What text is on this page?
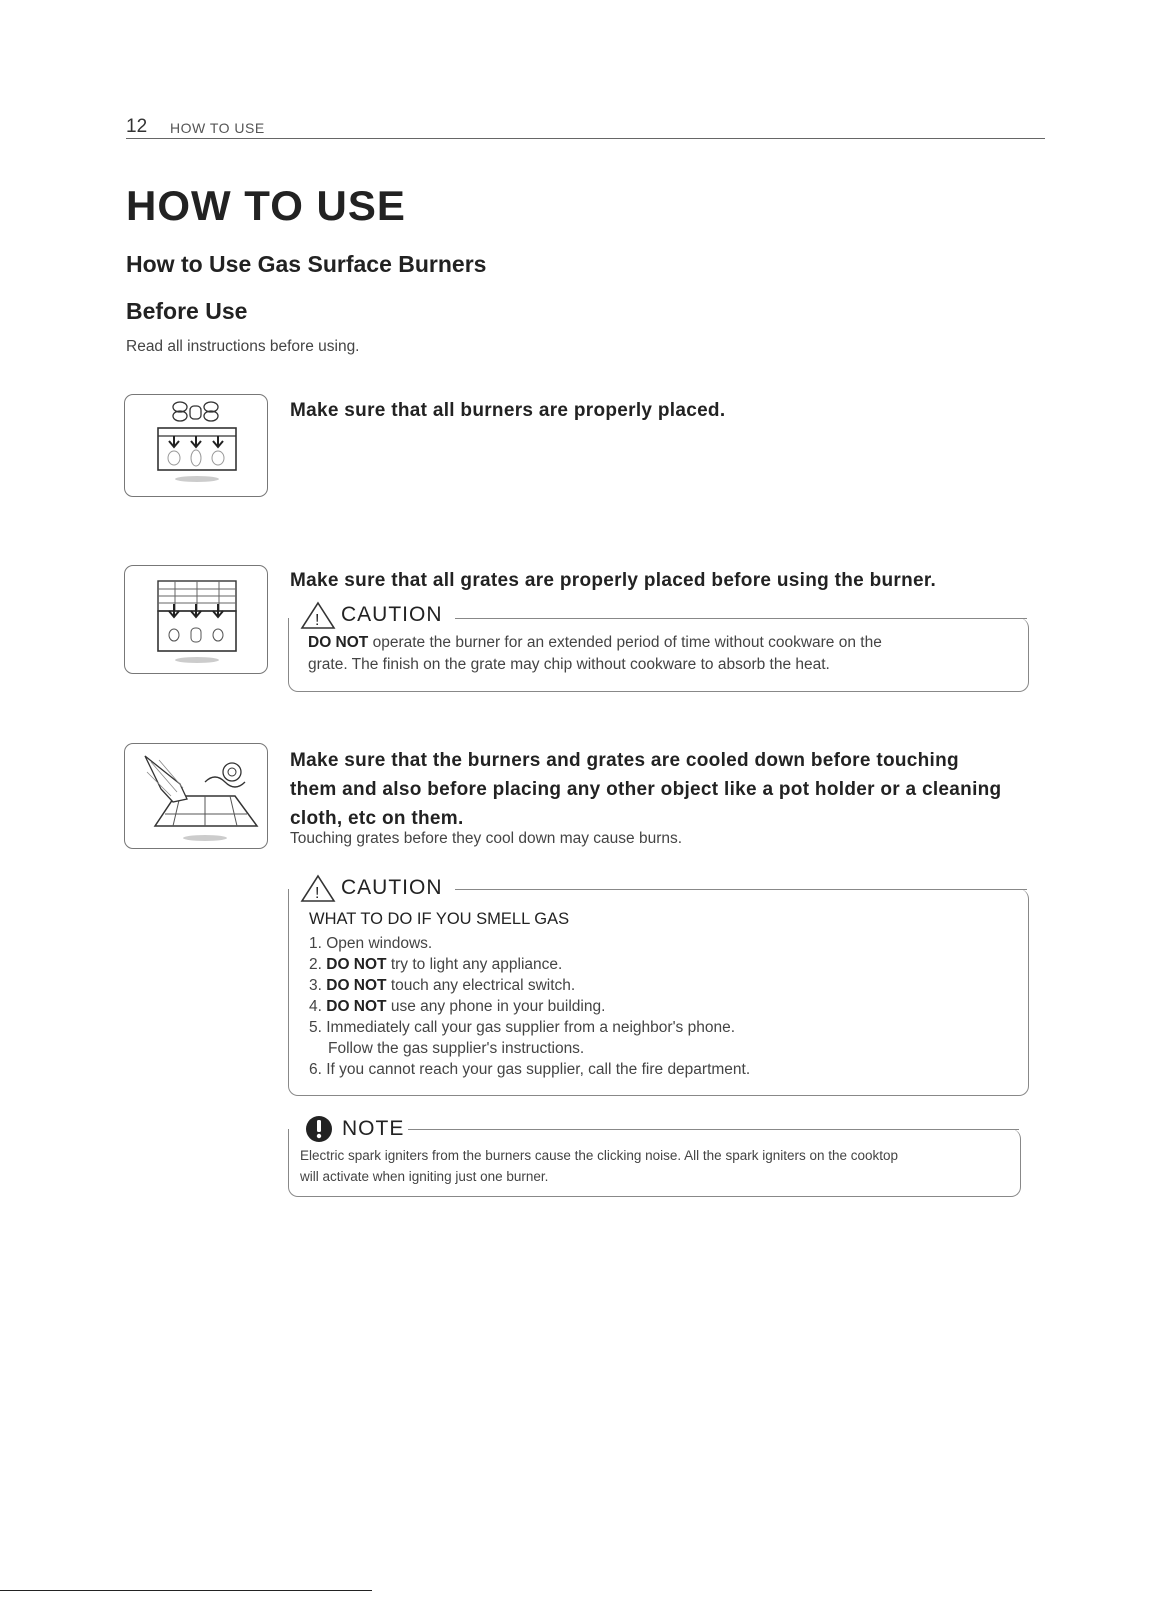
12 HOW TO USE
HOW TO USE
How to Use Gas Surface Burners
Before Use
Read all instructions before using.
Make sure that all burners are properly placed.
Make sure that all grates are properly placed before using the burner.
! CAUTION
DO NOT operate the burner for an extended period of time without cookware on the
grate. The finish on the grate may chip without cookware to absorb the heat.
Make sure that the burners and grates are cooled down before touching
them and also before placing any other object like a pot holder or a cleaning
cloth, etc on them.
Touching grates before they cool down may cause burns.
! CAUTION
WHAT TO DO IF YOU SMELL GAS
1. Open windows.
2. DO NOT try to light any appliance.
3. DO NOT touch any electrical switch.
4. DO NOT use any phone in your building.
5. Immediately call your gas supplier from a neighbor's phone.
Follow the gas supplier's instructions.
6. If you cannot reach your gas supplier, call the fire department.
NOTE
Electric spark igniters from the burners cause the clicking noise. All the spark igniters on the cooktop
will activate when igniting just one burner.
